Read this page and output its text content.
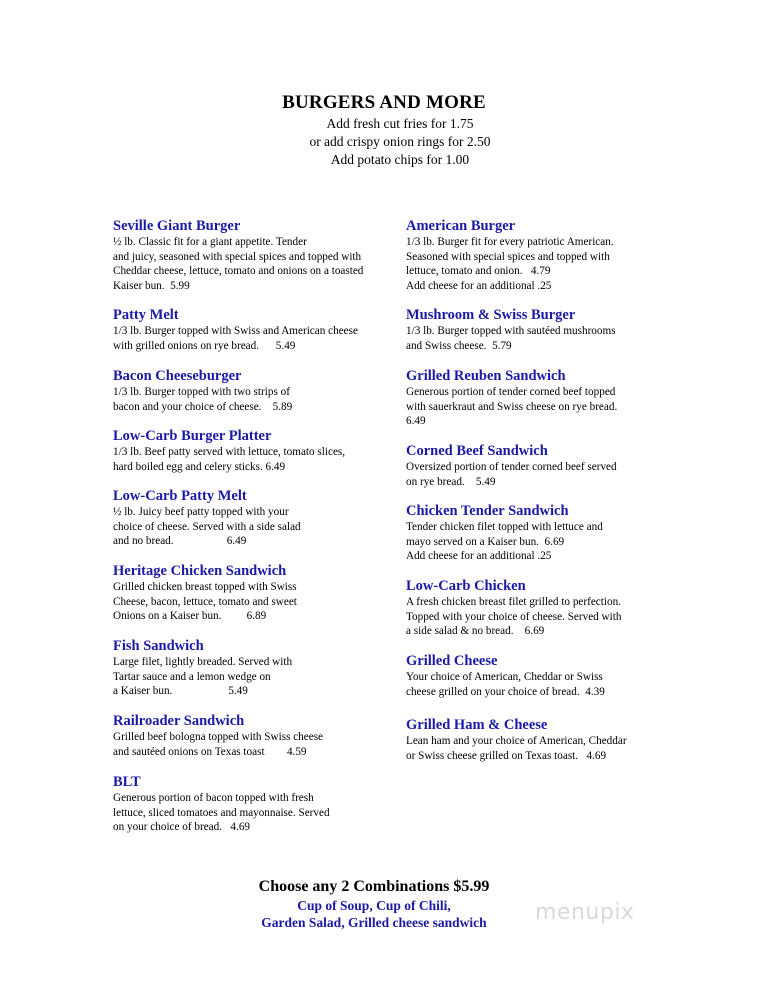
BURGERS AND MORE
Add fresh cut fries for 1.75
or add crispy onion rings for 2.50
Add potato chips for 1.00
Seville Giant Burger

½ lb. Classic fit for a giant appetite. Tender
and juicy, seasoned with special spices and topped with
Cheddar cheese, lettuce, tomato and onions on a toasted
Kaiser bun.  5.99

Patty Melt

1/3 lb. Burger topped with Swiss and American cheese
with grilled onions on rye bread.      5.49

Bacon Cheeseburger

1/3 lb. Burger topped with two strips of
bacon and your choice of cheese.    5.89

Low-Carb Burger Platter

1/3 lb. Beef patty served with lettuce, tomato slices,
hard boiled egg and celery sticks. 6.49

Low-Carb Patty Melt

½ lb. Juicy beef patty topped with your
choice of cheese. Served with a side salad
and no bread.                   6.49

Heritage Chicken Sandwich

Grilled chicken breast topped with Swiss
Cheese, bacon, lettuce, tomato and sweet
Onions on a Kaiser bun.         6.89

Fish Sandwich

Large filet, lightly breaded. Served with
Tartar sauce and a lemon wedge on
a Kaiser bun.                    5.49

Railroader Sandwich

Grilled beef bologna topped with Swiss cheese
and sautéed onions on Texas toast        4.59

BLT

Generous portion of bacon topped with fresh
lettuce, sliced tomatoes and mayonnaise. Served
on your choice of bread.   4.69

American Burger

1/3 lb. Burger fit for every patriotic American.
Seasoned with special spices and topped with
lettuce, tomato and onion.   4.79
Add cheese for an additional .25

Mushroom & Swiss Burger

1/3 lb. Burger topped with sautéed mushrooms
and Swiss cheese.  5.79

Grilled Reuben Sandwich

Generous portion of tender corned beef topped
with sauerkraut and Swiss cheese on rye bread.
6.49

Corned Beef Sandwich

Oversized portion of tender corned beef served
on rye bread.    5.49

Chicken Tender Sandwich

Tender chicken filet topped with lettuce and
mayo served on a Kaiser bun.  6.69
Add cheese for an additional .25

Low-Carb Chicken

A fresh chicken breast filet grilled to perfection.
Topped with your choice of cheese. Served with
a side salad & no bread.    6.69

Grilled Cheese

Your choice of American, Cheddar or Swiss
cheese grilled on your choice of bread.  4.39

Grilled Ham & Cheese

Lean ham and your choice of American, Cheddar
or Swiss cheese grilled on Texas toast.   4.69

Choose any 2 Combinations $5.99
Cup of Soup, Cup of Chili,
Garden Salad, Grilled cheese sandwich	menupix
